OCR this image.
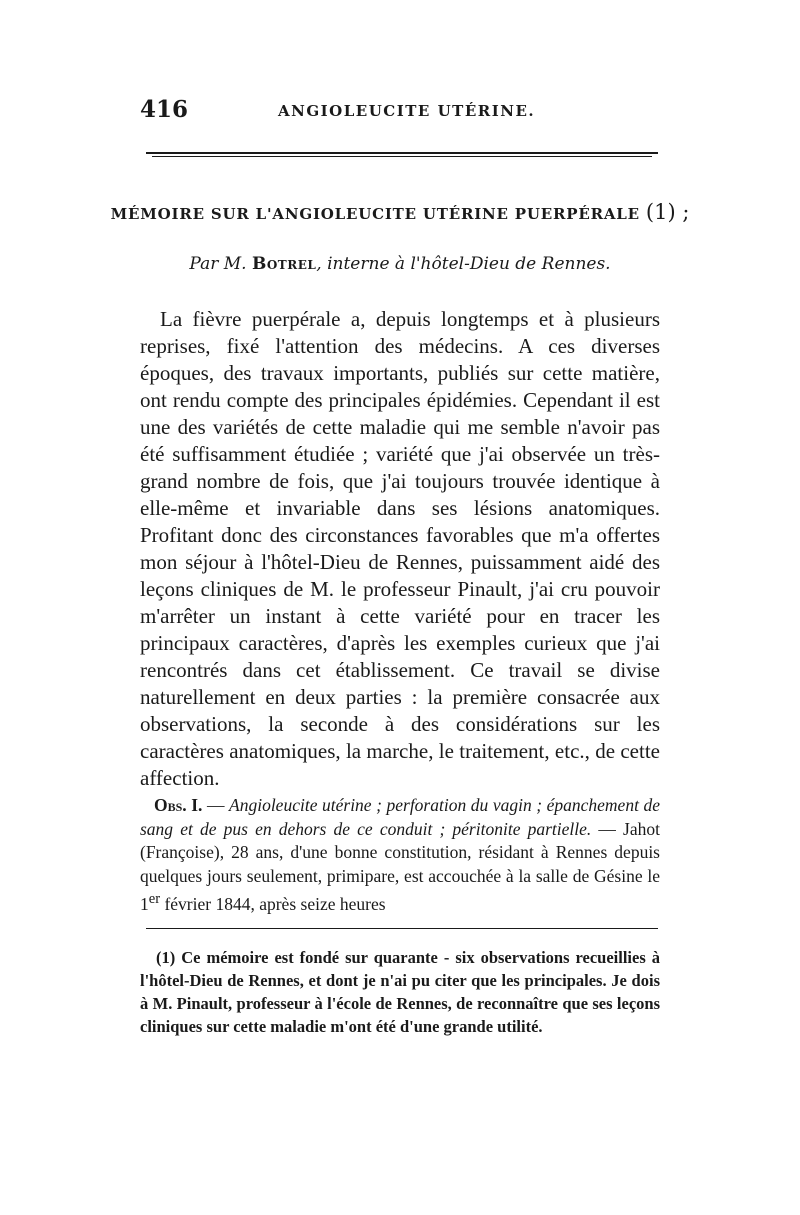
416	ANGIOLEUCITE UTÉRINE.
MÉMOIRE SUR L'ANGIOLEUCITE UTÉRINE PUERPÉRALE (1) ;
Par M. Botrel, interne à l'hôtel-Dieu de Rennes.

La fièvre puerpérale a, depuis longtemps et à plusieurs reprises, fixé l'attention des médecins. A ces diverses époques, des travaux importants, publiés sur cette matière, ont rendu compte des principales épidémies. Cependant il est une des variétés de cette maladie qui me semble n'avoir pas été suffisamment étudiée ; variété que j'ai observée un très-grand nombre de fois, que j'ai toujours trouvée identique à elle-même et invariable dans ses lésions anatomiques. Profitant donc des circonstances favorables que m'a offertes mon séjour à l'hôtel-Dieu de Rennes, puissamment aidé des leçons cliniques de M. le professeur Pinault, j'ai cru pouvoir m'arrêter un instant à cette variété pour en tracer les principaux caractères, d'après les exemples curieux que j'ai rencontrés dans cet établissement. Ce travail se divise naturellement en deux parties : la première consacrée aux observations, la seconde à des considérations sur les caractères anatomiques, la marche, le traitement, etc., de cette affection.

Obs. I. — Angioleucite utérine ; perforation du vagin ; épanchement de sang et de pus en dehors de ce conduit ; péritonite partielle. — Jahot (Françoise), 28 ans, d'une bonne constitution, résidant à Rennes depuis quelques jours seulement, primipare, est accouchée à la salle de Gésine le 1er février 1844, après seize heures

(1) Ce mémoire est fondé sur quarante - six observations recueillies à l'hôtel-Dieu de Rennes, et dont je n'ai pu citer que les principales. Je dois à M. Pinault, professeur à l'école de Rennes, de reconnaître que ses leçons cliniques sur cette maladie m'ont été d'une grande utilité.
